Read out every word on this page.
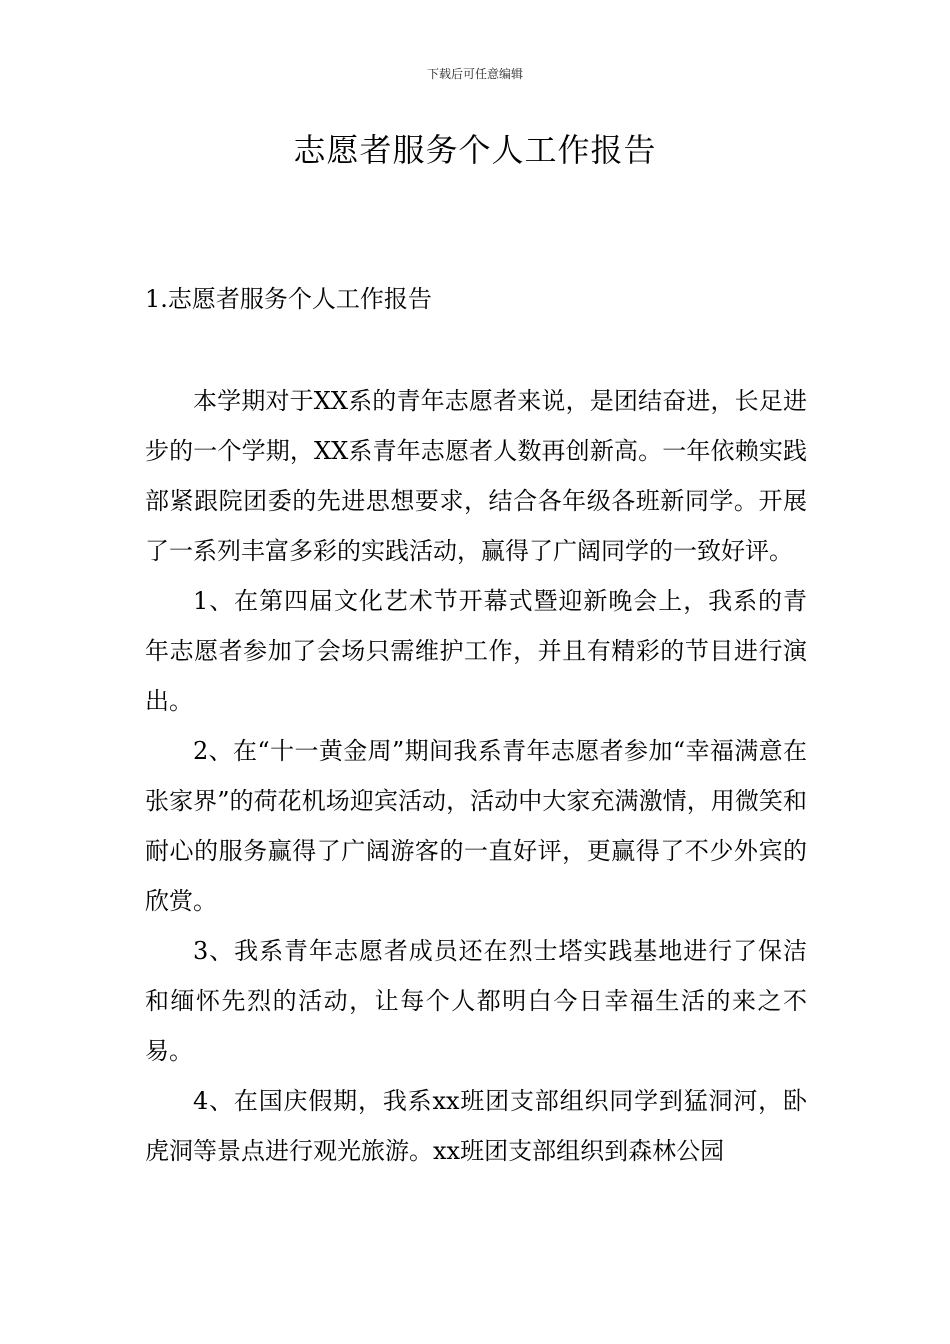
下载后可任意编辑
志愿者服务个人工作报告
1.志愿者服务个人工作报告

本学期对于XX系的青年志愿者来说，是团结奋进，长足进步的一个学期，XX系青年志愿者人数再创新高。一年依赖实践部紧跟院团委的先进思想要求，结合各年级各班新同学。开展了一系列丰富多彩的实践活动，赢得了广阔同学的一致好评。

1、在第四届文化艺术节开幕式暨迎新晚会上，我系的青年志愿者参加了会场只需维护工作，并且有精彩的节目进行演出。

2、在“十一黄金周”期间我系青年志愿者参加“幸福满意在张家界”的荷花机场迎宾活动，活动中大家充满激情，用微笑和耐心的服务赢得了广阔游客的一直好评，更赢得了不少外宾的欣赏。

3、我系青年志愿者成员还在烈士塔实践基地进行了保洁和缅怀先烈的活动，让每个人都明白今日幸福生活的来之不易。

4、在国庆假期，我系xx班团支部组织同学到猛洞河，卧虎洞等景点进行观光旅游。xx班团支部组织到森林公园
